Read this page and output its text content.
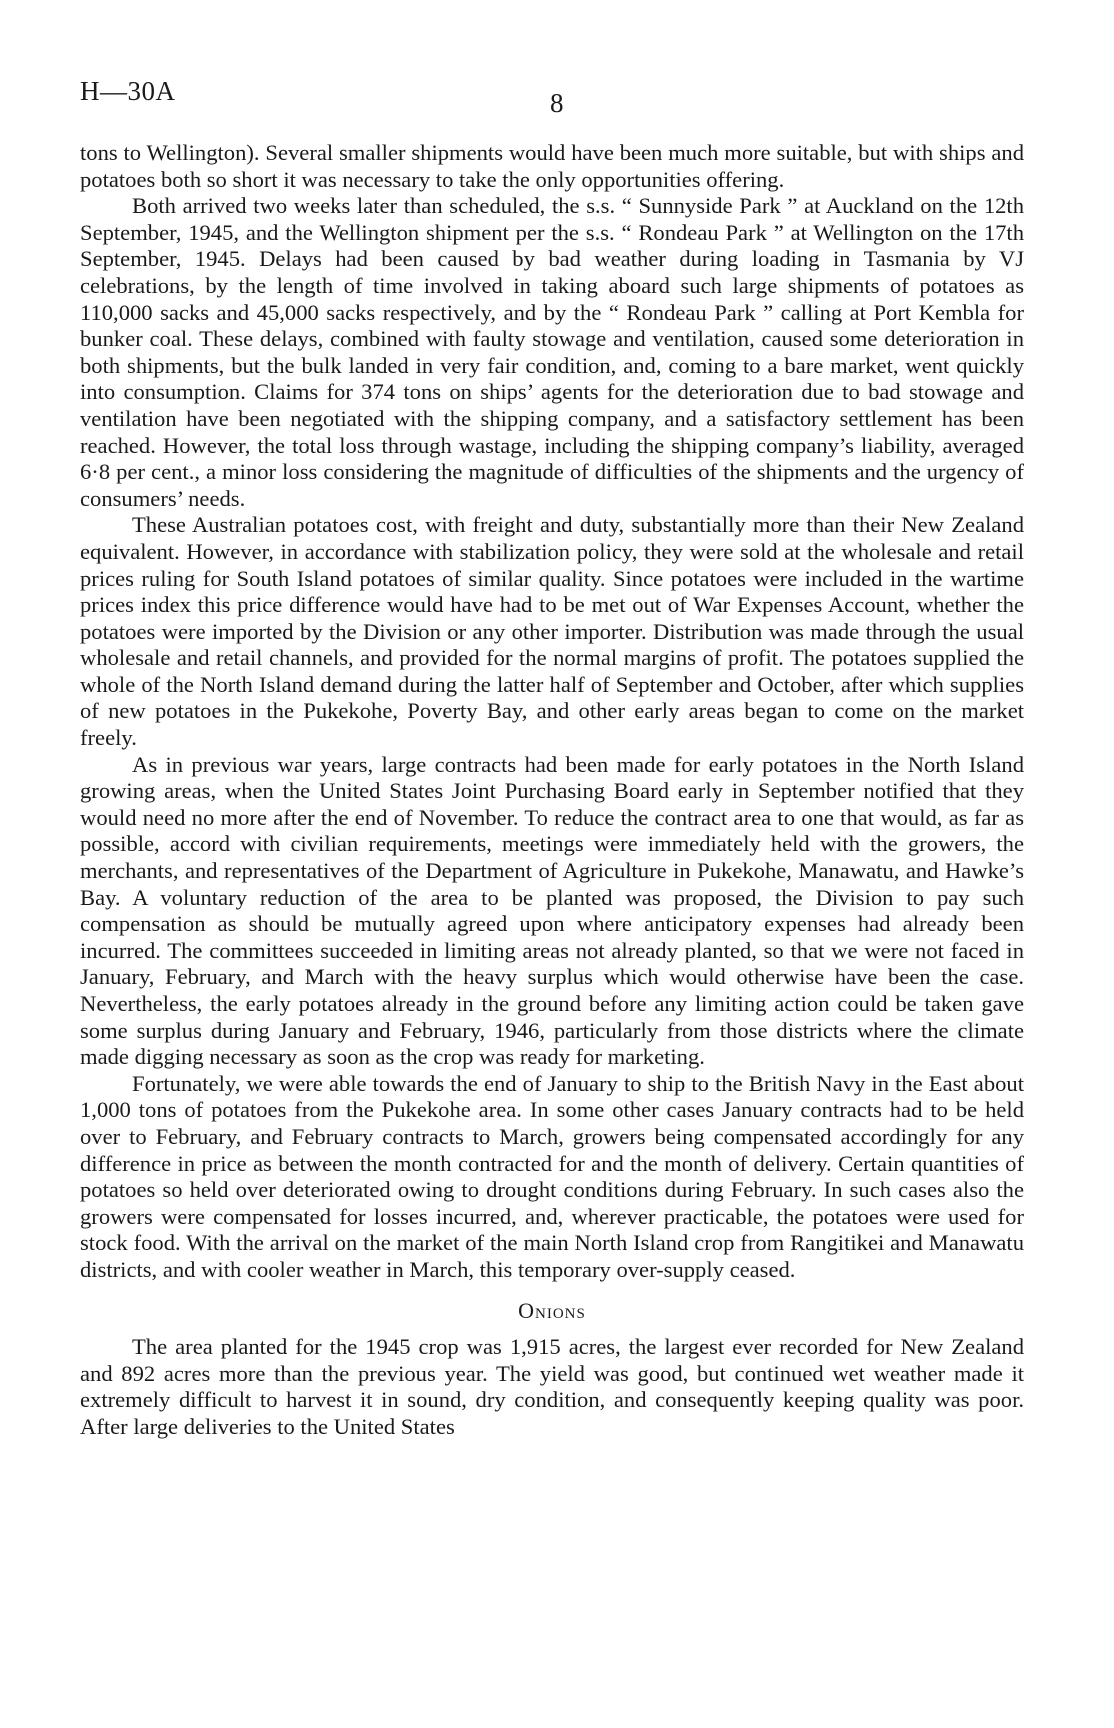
H—30A	8

tons to Wellington). Several smaller shipments would have been much more suitable, but with ships and potatoes both so short it was necessary to take the only opportunities offering.

Both arrived two weeks later than scheduled, the s.s. “ Sunnyside Park ” at Auckland on the 12th September, 1945, and the Wellington shipment per the s.s. “ Rondeau Park ” at Wellington on the 17th September, 1945. Delays had been caused by bad weather during loading in Tasmania by VJ celebrations, by the length of time involved in taking aboard such large shipments of potatoes as 110,000 sacks and 45,000 sacks respectively, and by the “ Rondeau Park ” calling at Port Kembla for bunker coal. These delays, combined with faulty stowage and ventilation, caused some deterioration in both shipments, but the bulk landed in very fair condition, and, coming to a bare market, went quickly into consumption. Claims for 374 tons on ships’ agents for the deterioration due to bad stowage and ventilation have been negotiated with the shipping company, and a satisfactory settlement has been reached. However, the total loss through wastage, including the shipping company’s liability, averaged 6·8 per cent., a minor loss considering the magnitude of difficulties of the shipments and the urgency of consumers’ needs.

These Australian potatoes cost, with freight and duty, substantially more than their New Zealand equivalent. However, in accordance with stabilization policy, they were sold at the wholesale and retail prices ruling for South Island potatoes of similar quality. Since potatoes were included in the wartime prices index this price difference would have had to be met out of War Expenses Account, whether the potatoes were imported by the Division or any other importer. Distribution was made through the usual wholesale and retail channels, and provided for the normal margins of profit. The potatoes supplied the whole of the North Island demand during the latter half of September and October, after which supplies of new potatoes in the Pukekohe, Poverty Bay, and other early areas began to come on the market freely.

As in previous war years, large contracts had been made for early potatoes in the North Island growing areas, when the United States Joint Purchasing Board early in September notified that they would need no more after the end of November. To reduce the contract area to one that would, as far as possible, accord with civilian requirements, meetings were immediately held with the growers, the merchants, and representatives of the Department of Agriculture in Pukekohe, Manawatu, and Hawke’s Bay. A voluntary reduction of the area to be planted was proposed, the Division to pay such compensation as should be mutually agreed upon where anticipatory expenses had already been incurred. The committees succeeded in limiting areas not already planted, so that we were not faced in January, February, and March with the heavy surplus which would otherwise have been the case. Nevertheless, the early potatoes already in the ground before any limiting action could be taken gave some surplus during January and February, 1946, particularly from those districts where the climate made digging necessary as soon as the crop was ready for marketing.

Fortunately, we were able towards the end of January to ship to the British Navy in the East about 1,000 tons of potatoes from the Pukekohe area. In some other cases January contracts had to be held over to February, and February contracts to March, growers being compensated accordingly for any difference in price as between the month contracted for and the month of delivery. Certain quantities of potatoes so held over deteriorated owing to drought conditions during February. In such cases also the growers were compensated for losses incurred, and, wherever practicable, the potatoes were used for stock food. With the arrival on the market of the main North Island crop from Rangitikei and Manawatu districts, and with cooler weather in March, this temporary over-supply ceased.

Onions

The area planted for the 1945 crop was 1,915 acres, the largest ever recorded for New Zealand and 892 acres more than the previous year. The yield was good, but continued wet weather made it extremely difficult to harvest it in sound, dry condition, and consequently keeping quality was poor. After large deliveries to the United States
